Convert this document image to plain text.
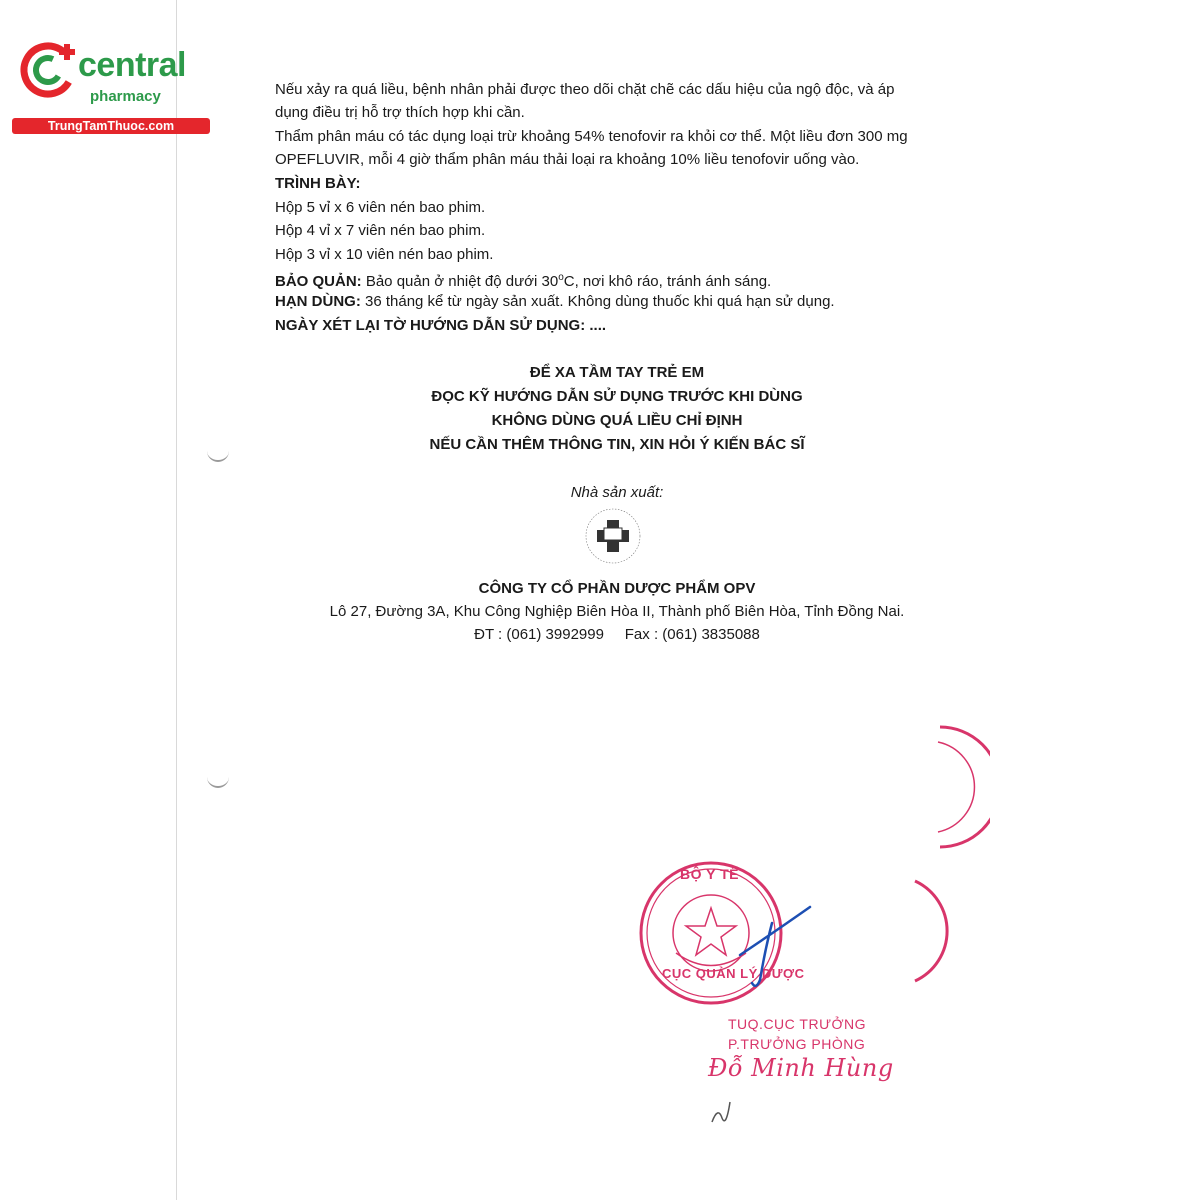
central
pharmacy
TrungTamThuoc.com
Nếu xảy ra quá liều, bệnh nhân phải được theo dõi chặt chẽ các dấu hiệu của ngộ độc, và áp
dụng điều trị hỗ trợ thích hợp khi cần.
Thẩm phân máu có tác dụng loại trừ khoảng 54% tenofovir ra khỏi cơ thể. Một liều đơn 300 mg
OPEFLUVIR, mỗi 4 giờ thẩm phân máu thải loại ra khoảng 10% liều tenofovir uống vào.
TRÌNH BÀY:
Hộp 5 vỉ x 6 viên nén bao phim.
Hộp 4 vỉ x 7 viên nén bao phim.
Hộp 3 vỉ x 10 viên nén bao phim.
BẢO QUẢN: Bảo quản ở nhiệt độ dưới 30$^o$C, nơi khô ráo, tránh ánh sáng.
HẠN DÙNG: 36 tháng kể từ ngày sản xuất. Không dùng thuốc khi quá hạn sử dụng.
NGÀY XÉT LẠI TỜ HƯỚNG DẪN SỬ DỤNG: ....
ĐỂ XA TẦM TAY TRẺ EM
ĐỌC KỸ HƯỚNG DẪN SỬ DỤNG TRƯỚC KHI DÙNG
KHÔNG DÙNG QUÁ LIỀU CHỈ ĐỊNH
NẾU CẦN THÊM THÔNG TIN, XIN HỎI Ý KIẾN BÁC SĨ
Nhà sản xuất:
CÔNG TY CỔ PHẦN DƯỢC PHẨM OPV
Lô 27, Đường 3A, Khu Công Nghiệp Biên Hòa II, Thành phố Biên Hòa, Tỉnh Đồng Nai.
ĐT : (061) 3992999     Fax : (061) 3835088
BỘ Y TẾ
CỤC QUẢN LÝ DƯỢC
TUQ.CỤC TRƯỞNG
P.TRƯỞNG PHÒNG
Đỗ Minh Hùng
